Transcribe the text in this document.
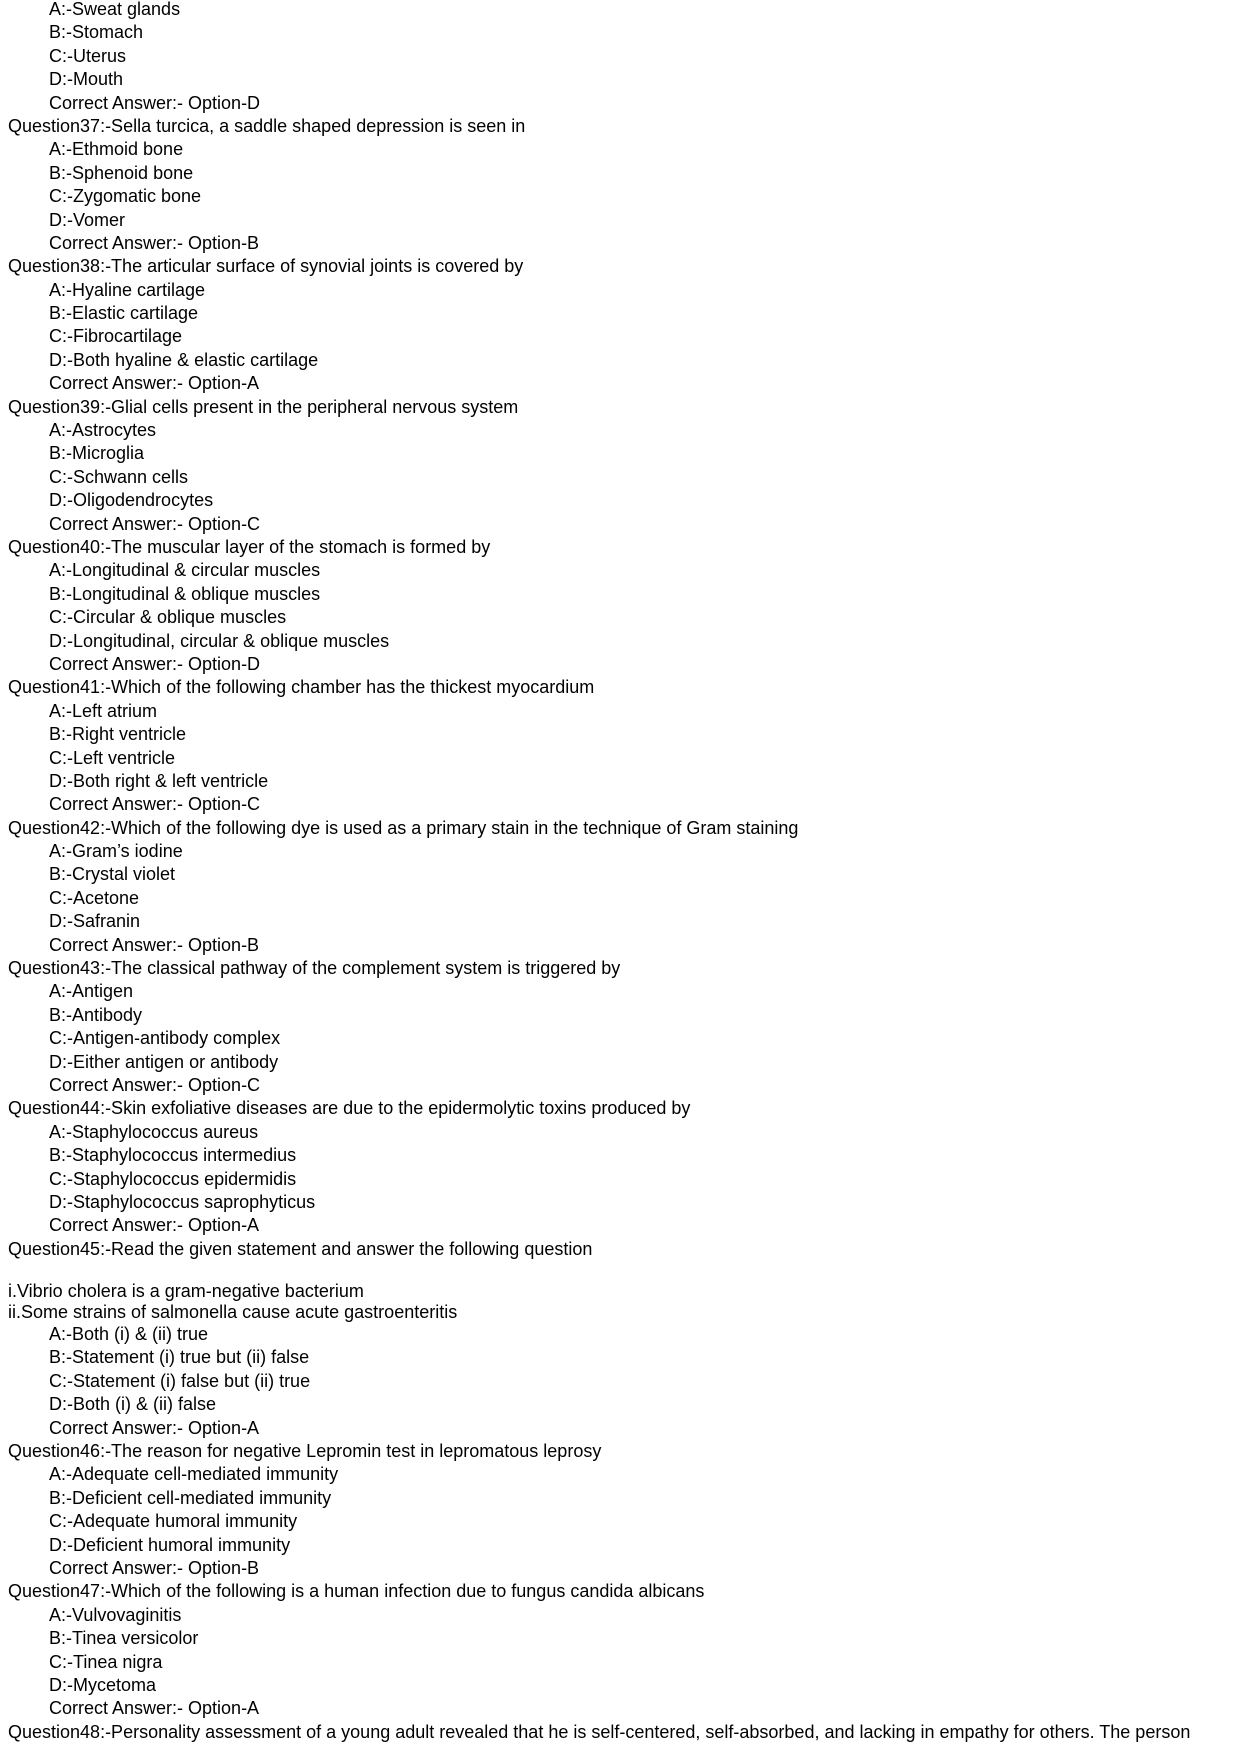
A:-Sweat glands
B:-Stomach
C:-Uterus
D:-Mouth
Correct Answer:- Option-D
Question37:-Sella turcica, a saddle shaped depression is seen in
A:-Ethmoid bone
B:-Sphenoid bone
C:-Zygomatic bone
D:-Vomer
Correct Answer:- Option-B
Question38:-The articular surface of synovial joints is covered by
A:-Hyaline cartilage
B:-Elastic cartilage
C:-Fibrocartilage
D:-Both hyaline & elastic cartilage
Correct Answer:- Option-A
Question39:-Glial cells present in the peripheral nervous system
A:-Astrocytes
B:-Microglia
C:-Schwann cells
D:-Oligodendrocytes
Correct Answer:- Option-C
Question40:-The muscular layer of the stomach is formed by
A:-Longitudinal & circular muscles
B:-Longitudinal & oblique muscles
C:-Circular & oblique muscles
D:-Longitudinal, circular & oblique muscles
Correct Answer:- Option-D
Question41:-Which of the following chamber has the thickest myocardium
A:-Left atrium
B:-Right ventricle
C:-Left ventricle
D:-Both right & left ventricle
Correct Answer:- Option-C
Question42:-Which of the following dye is used as a primary stain in the technique of Gram staining
A:-Gram’s iodine
B:-Crystal violet
C:-Acetone
D:-Safranin
Correct Answer:- Option-B
Question43:-The classical pathway of the complement system is triggered by
A:-Antigen
B:-Antibody
C:-Antigen-antibody complex
D:-Either antigen or antibody
Correct Answer:- Option-C
Question44:-Skin exfoliative diseases are due to the epidermolytic toxins produced by
A:-Staphylococcus aureus
B:-Staphylococcus intermedius
C:-Staphylococcus epidermidis
D:-Staphylococcus saprophyticus
Correct Answer:- Option-A
Question45:-Read the given statement and answer the following question
i.Vibrio cholera is a gram-negative bacterium
ii.Some strains of salmonella cause acute gastroenteritis
A:-Both (i) & (ii) true
B:-Statement (i) true but (ii) false
C:-Statement (i) false but (ii) true
D:-Both (i) & (ii) false
Correct Answer:- Option-A
Question46:-The reason for negative Lepromin test in lepromatous leprosy
A:-Adequate cell-mediated immunity
B:-Deficient cell-mediated immunity
C:-Adequate humoral immunity
D:-Deficient humoral immunity
Correct Answer:- Option-B
Question47:-Which of the following is a human infection due to fungus candida albicans
A:-Vulvovaginitis
B:-Tinea versicolor
C:-Tinea nigra
D:-Mycetoma
Correct Answer:- Option-A
Question48:-Personality assessment of a young adult revealed that he is self-centered, self-absorbed, and lacking in empathy for others. The person
